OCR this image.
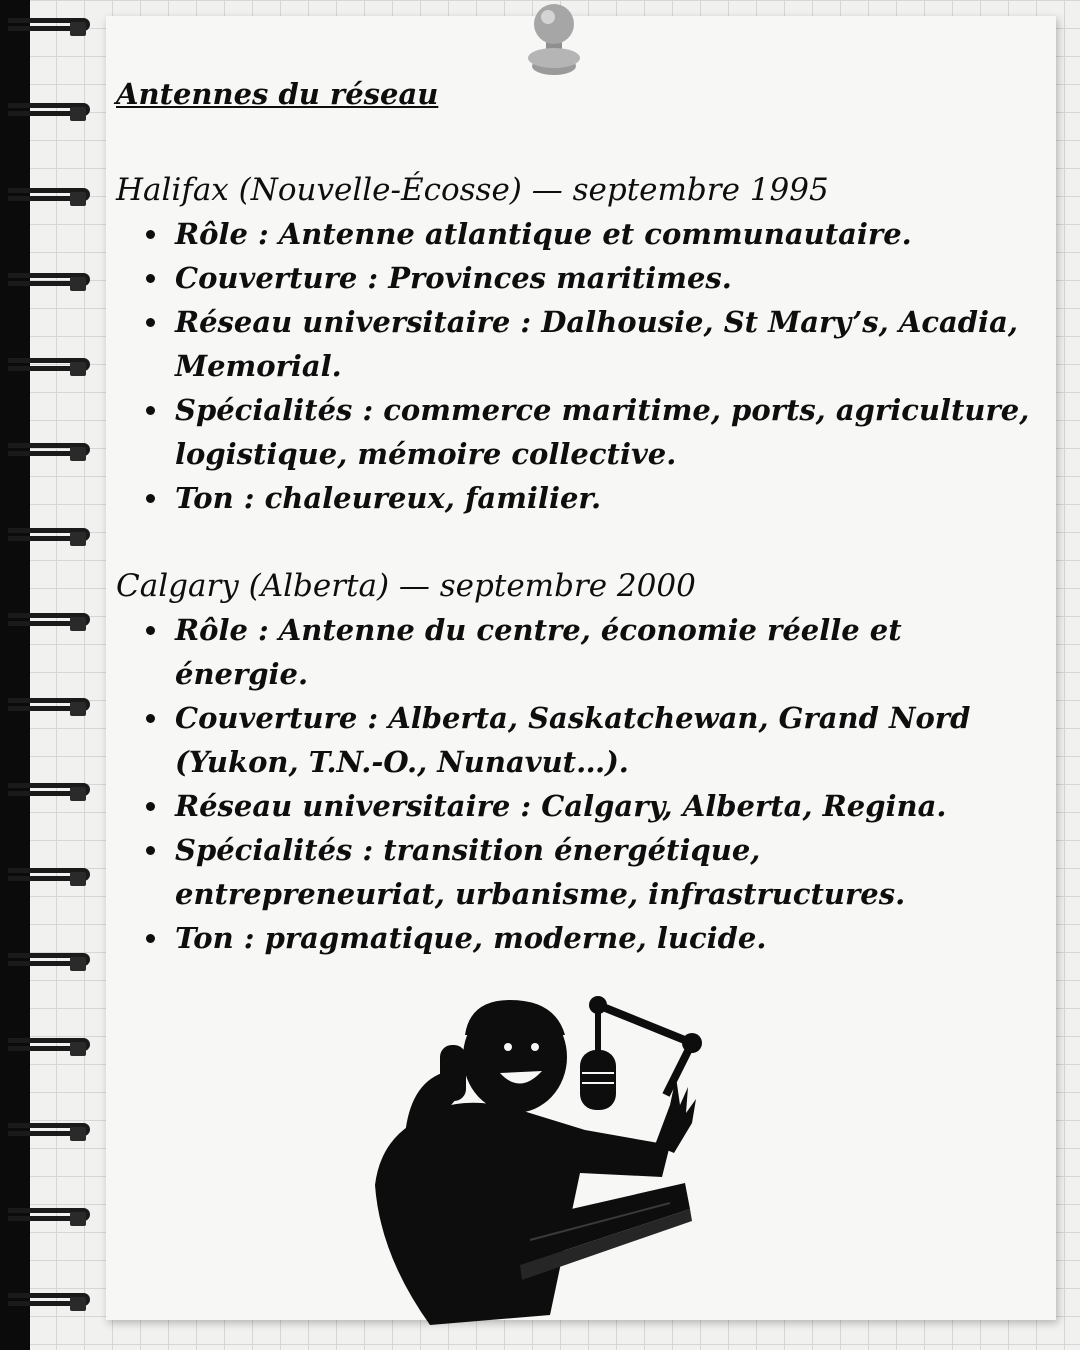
Antennes du réseau
Halifax (Nouvelle-Écosse) — septembre 1995
• Rôle : Antenne atlantique et communautaire.
• Couverture : Provinces maritimes.
• Réseau universitaire : Dalhousie, St Mary’s, Acadia, Memorial.
• Spécialités : commerce maritime, ports, agriculture, logistique, mémoire collective.
• Ton : chaleureux, familier.
Calgary (Alberta) — septembre 2000
• Rôle : Antenne du centre, économie réelle et énergie.
• Couverture : Alberta, Saskatchewan, Grand Nord (Yukon, T.N.-O., Nunavut…).
• Réseau universitaire : Calgary, Alberta, Regina.
• Spécialités : transition énergétique, entrepreneuriat, urbanisme, infrastructures.
• Ton : pragmatique, moderne, lucide.
